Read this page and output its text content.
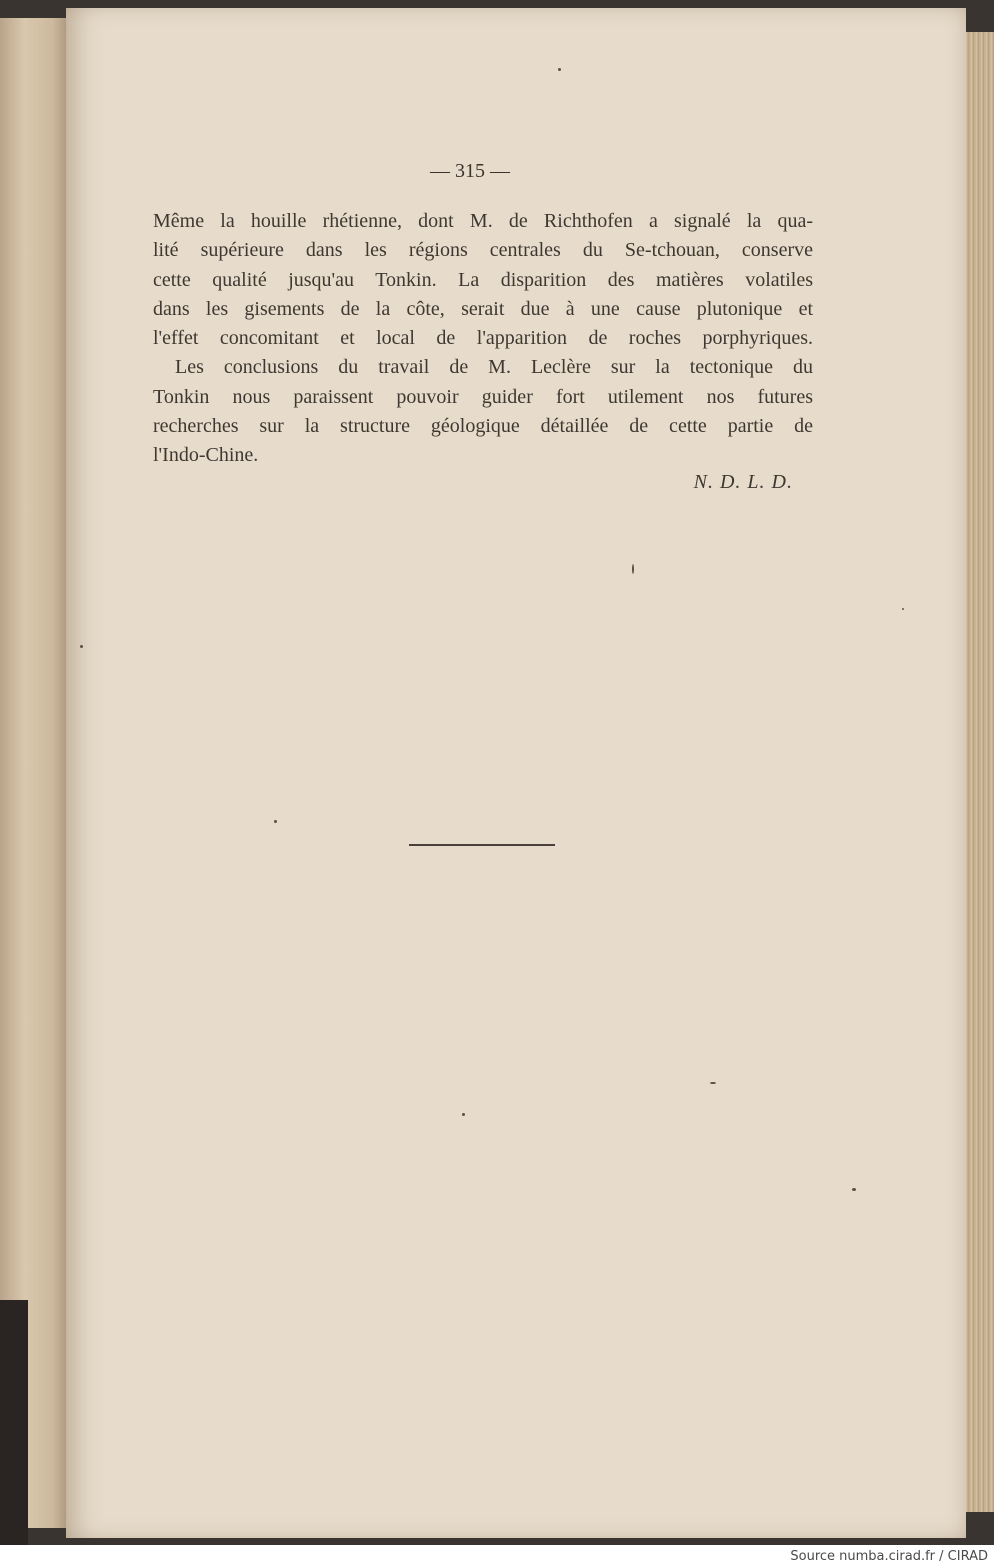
— 315 —

Même la houille rhétienne, dont M. de Richthofen a signalé la qua-
lité supérieure dans les régions centrales du Se-tchouan, conserve
cette qualité jusqu'au Tonkin. La disparition des matières volatiles
dans les gisements de la côte, serait due à une cause plutonique et
l'effet concomitant et local de l'apparition de roches porphyriques.

Les conclusions du travail de M. Leclère sur la tectonique du
Tonkin nous paraissent pouvoir guider fort utilement nos futures
recherches sur la structure géologique détaillée de cette partie de
l'Indo-Chine.

N. D. L. D.
Source numba.cirad.fr / CIRAD
